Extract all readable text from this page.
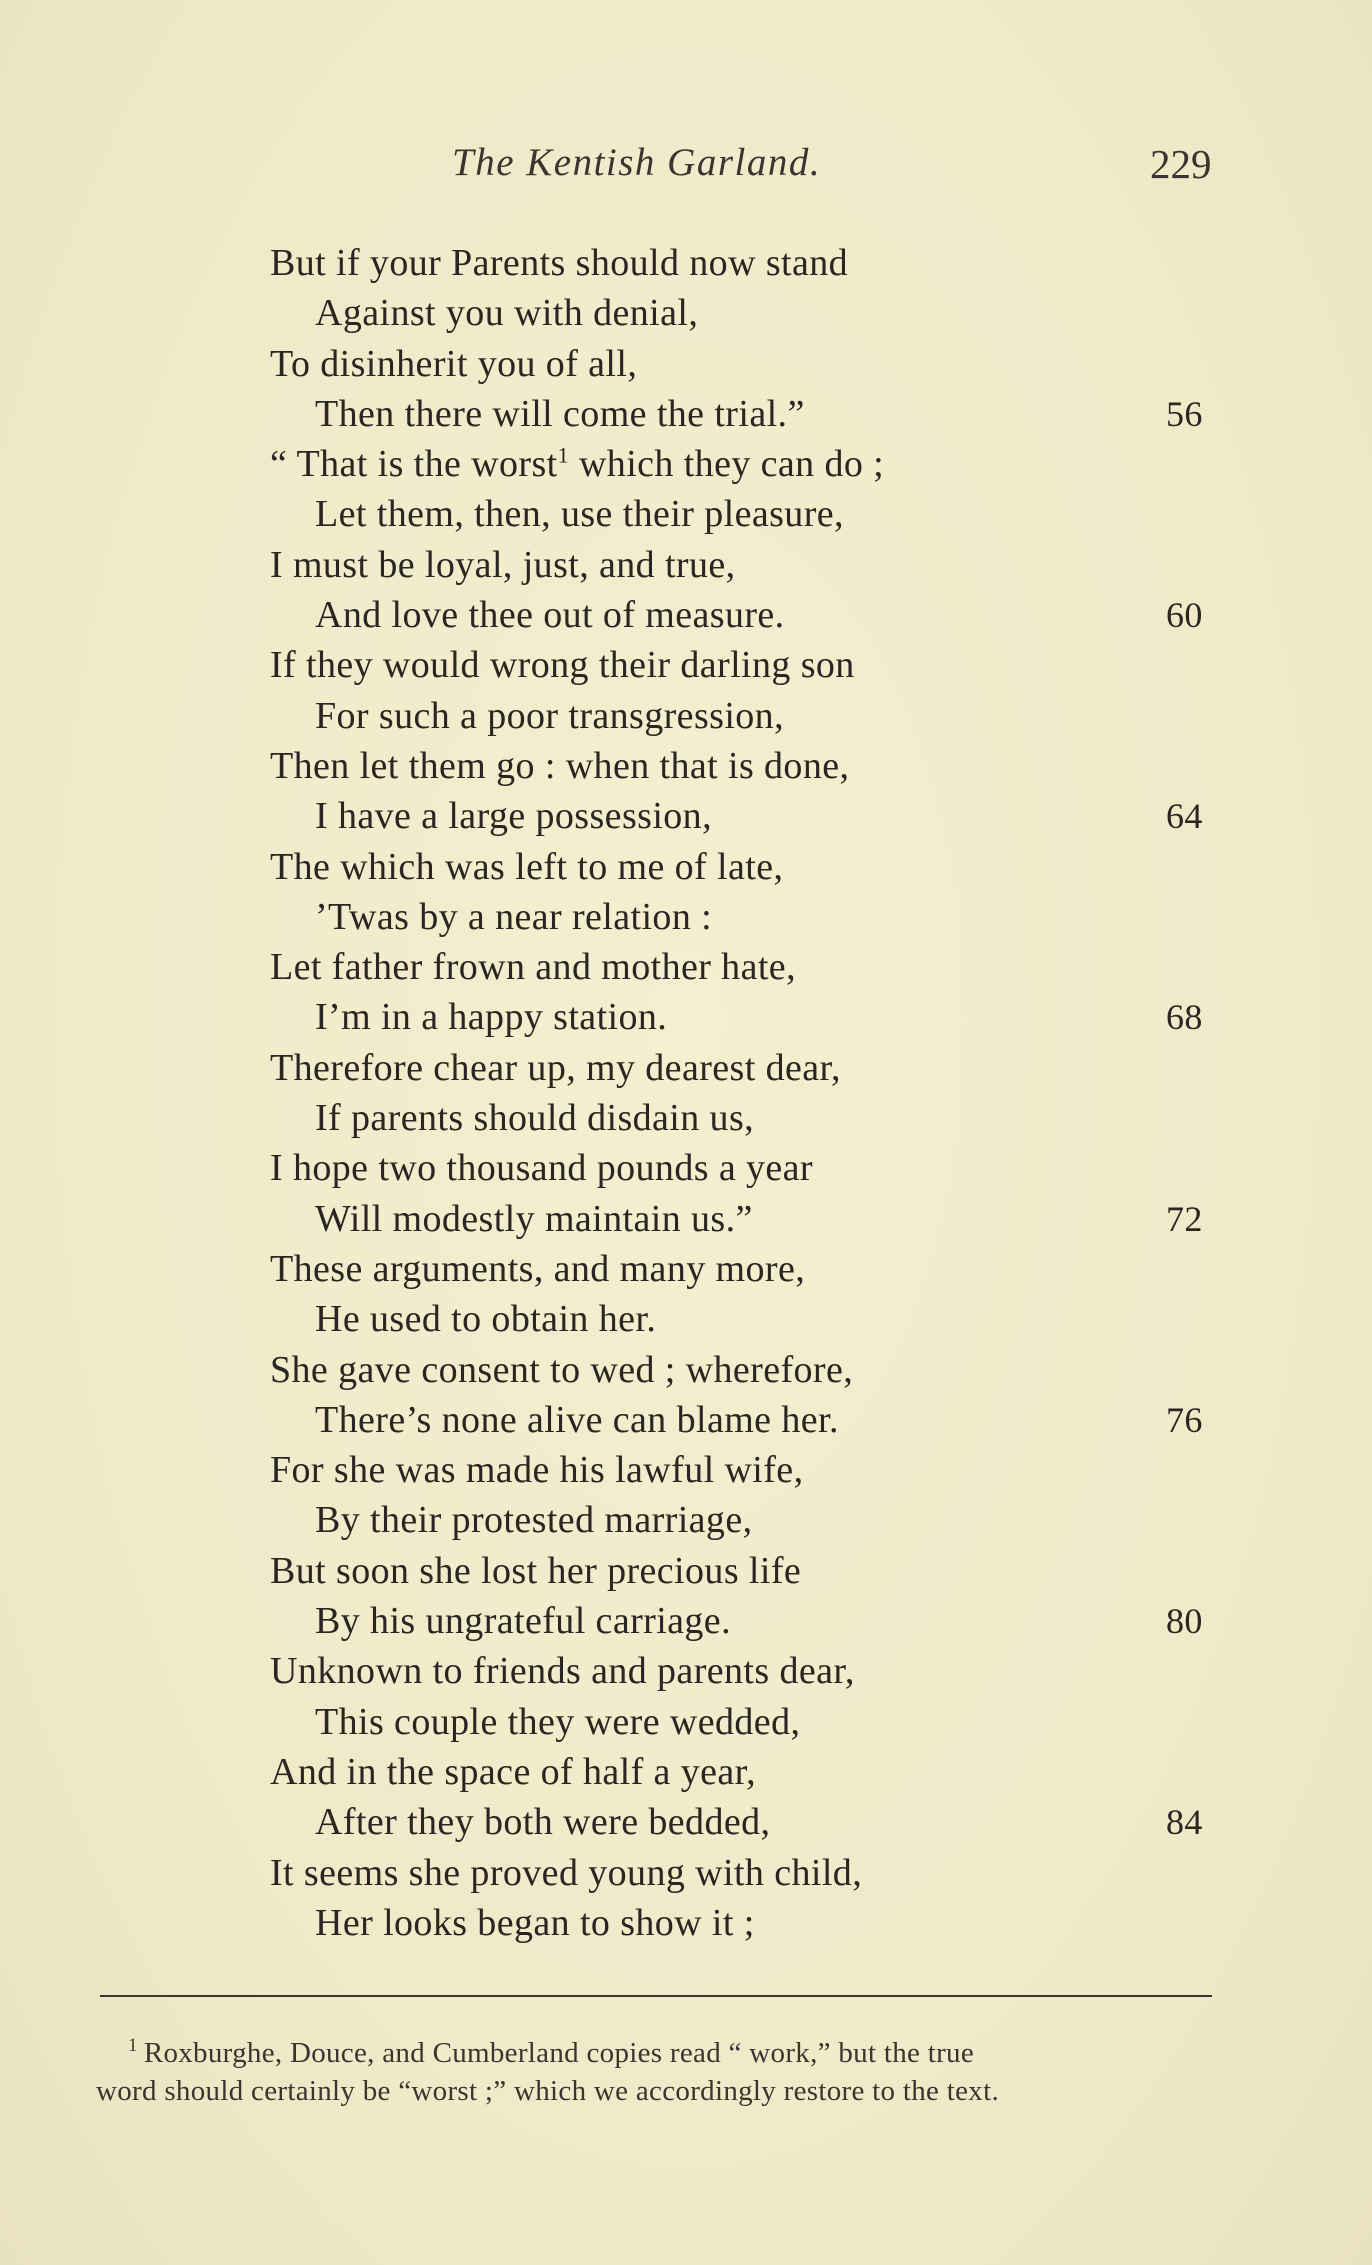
The Kentish Garland.	229
But if your Parents should now stand
Against you with denial,
To disinherit you of all,
Then there will come the trial.”	56
“ That is the worst$^1$ which they can do ;
Let them, then, use their pleasure,
I must be loyal, just, and true,
And love thee out of measure.	60
If they would wrong their darling son
For such a poor transgression,
Then let them go : when that is done,
I have a large possession,	64
The which was left to me of late,
’Twas by a near relation :
Let father frown and mother hate,
I’m in a happy station.	68
Therefore chear up, my dearest dear,
If parents should disdain us,
I hope two thousand pounds a year
Will modestly maintain us.”	72
These arguments, and many more,
He used to obtain her.
She gave consent to wed ; wherefore,
There’s none alive can blame her.	76
For she was made his lawful wife,
By their protested marriage,
But soon she lost her precious life
By his ungrateful carriage.	80
Unknown to friends and parents dear,
This couple they were wedded,
And in the space of half a year,
After they both were bedded,	84
It seems she proved young with child,
Her looks began to show it ;
$^1$ Roxburghe, Douce, and Cumberland copies read “ work,” but the true
word should certainly be “worst ;” which we accordingly restore to the text.
